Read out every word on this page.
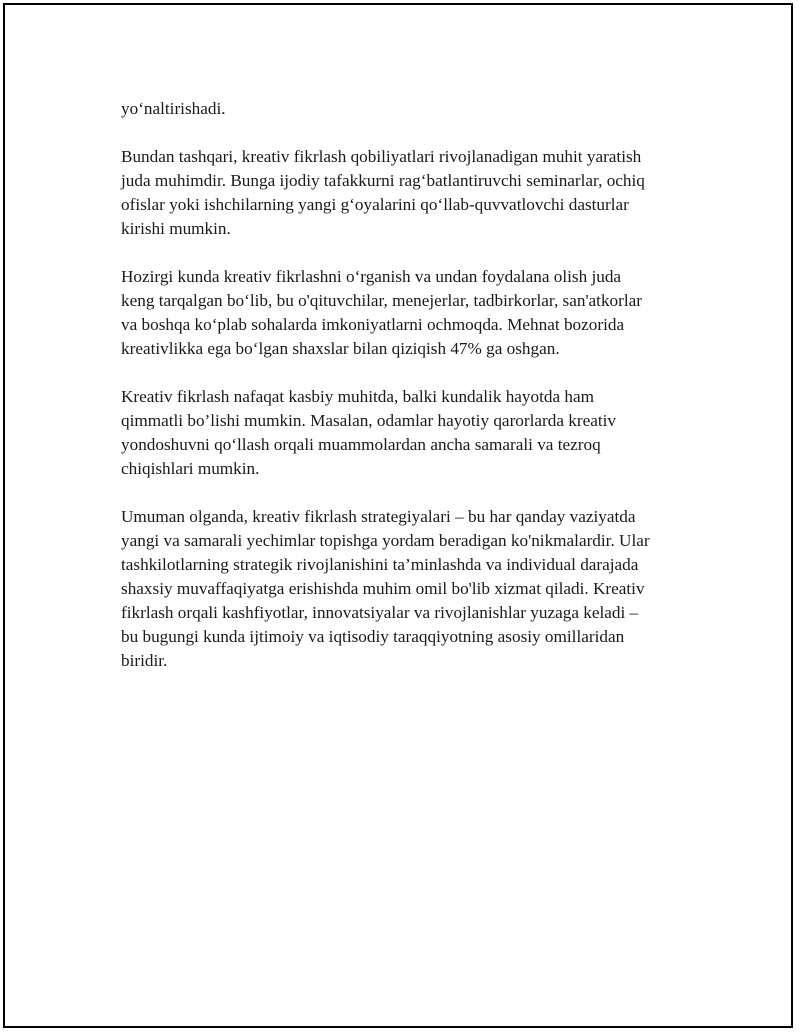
yo‘naltirishadi.

Bundan tashqari, kreativ fikrlash qobiliyatlari rivojlanadigan muhit yaratish
juda muhimdir. Bunga ijodiy tafakkurni rag‘batlantiruvchi seminarlar, ochiq
ofislar yoki ishchilarning yangi g‘oyalarini qo‘llab-quvvatlovchi dasturlar
kirishi mumkin.

Hozirgi kunda kreativ fikrlashni o‘rganish va undan foydalana olish juda
keng tarqalgan bo‘lib, bu o'qituvchilar, menejerlar, tadbirkorlar, san'atkorlar
va boshqa ko‘plab sohalarda imkoniyatlarni ochmoqda. Mehnat bozorida
kreativlikka ega bo‘lgan shaxslar bilan qiziqish 47% ga oshgan.

Kreativ fikrlash nafaqat kasbiy muhitda, balki kundalik hayotda ham
qimmatli bo’lishi mumkin. Masalan, odamlar hayotiy qarorlarda kreativ
yondoshuvni qo‘llash orqali muammolardan ancha samarali va tezroq
chiqishlari mumkin.

Umuman olganda, kreativ fikrlash strategiyalari – bu har qanday vaziyatda
yangi va samarali yechimlar topishga yordam beradigan ko'nikmalardir. Ular
tashkilotlarning strategik rivojlanishini ta’minlashda va individual darajada
shaxsiy muvaffaqiyatga erishishda muhim omil bo'lib xizmat qiladi. Kreativ
fikrlash orqali kashfiyotlar, innovatsiyalar va rivojlanishlar yuzaga keladi –
bu bugungi kunda ijtimoiy va iqtisodiy taraqqiyotning asosiy omillaridan
biridir.
